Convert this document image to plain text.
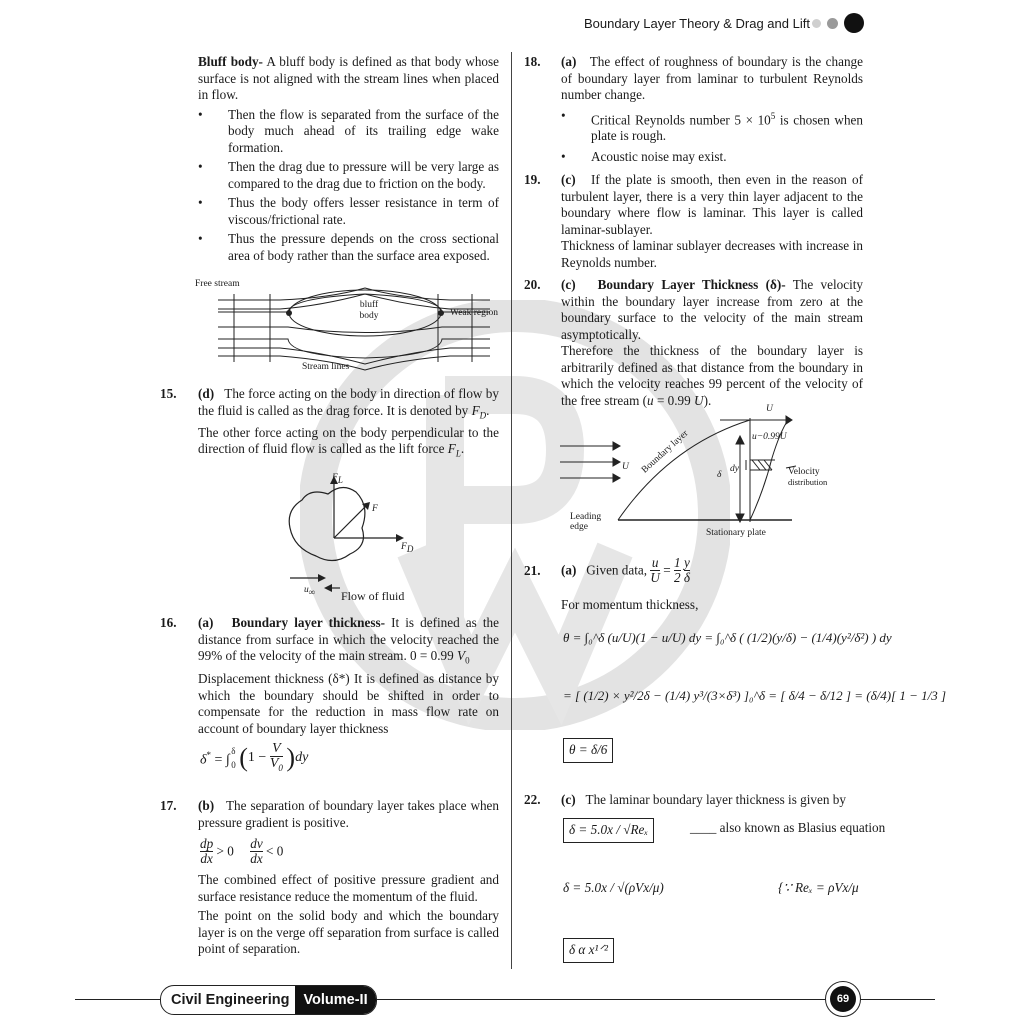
Boundary Layer Theory & Drag and Lift
Bluff body- A bluff body is defined as that body whose surface is not aligned with the stream lines when placed in flow.
• Then the flow is separated from the surface of the body much ahead of its trailing edge wake formation.
• Then the drag due to pressure will be very large as compared to the drag due to friction on the body.
• Thus the body offers lesser resistance in term of viscous/frictional rate.
• Thus the pressure depends on the cross sectional area of body rather than the surface area exposed.
Free stream
bluff
body	Weak region
Stream lines
15. (d) The force acting on the body in direction of flow by the fluid is called as the drag force. It is denoted by $F_D$.
The other force acting on the body perpendicular to the direction of fluid flow is called as the lift force $F_L$.
$F_L$
F
$F_D$
$u_\infty$ Flow of fluid
16. (a) Boundary layer thickness- It is defined as the distance from surface in which the velocity reached the 99% of the velocity of the main stream. 0 = 0.99 $V_0$
Displacement thickness (δ*) It is defined as distance by which the boundary should be shifted in order to compensate for the reduction in mass flow rate on account of boundary layer thickness
δ* = ∫
δ
0 $(1 - \frac{V}{V_0} )dy$
17. (b) The separation of boundary layer takes place when pressure gradient is positive.
$\frac{dp}{dx} > 0 \frac{dv}{dx} < 0$
The combined effect of positive pressure gradient and surface resistance reduce the momentum of the fluid.
The point on the solid body and which the boundary layer is on the verge off separation from surface is called point of separation.
18. (a) The effect of roughness of boundary is the change of boundary layer from laminar to turbulent Reynolds number change.
• Critical Reynolds number $5 \times 10^5$ is chosen when plate is rough.
• Acoustic noise may exist.
19. (c) If the plate is smooth, then even in the reason of turbulent layer, there is a very thin layer adjacent to the boundary where flow is laminar. This layer is called laminar-sublayer.
Thickness of laminar sublayer decreases with increase in Reynolds number.
20. (c) Boundary Layer Thickness (δ)- The velocity within the boundary layer increase from zero at the boundary surface to the velocity of the main stream asymptotically.
Therefore the thickness of the boundary layer is arbitrarily defined as that distance from the boundary in which the velocity reaches 99 percent of the velocity of the free stream (u = 0.99 U).
U
u−0.99U
U Boundary layer	δ
dy	Velocity
distribution
Leading
edge
Stationary plate
21. (a) Given data, $\frac{u}{U} = \frac{1}{2}$
$\frac{y}{\delta}$
For momentum thickness,
θ = ∫₀^δ (u/U)(1 − u/U) dy = ∫₀^δ ( (1/2)(y/δ) − (1/4)(y²/δ²) ) dy
= [ (1/2) × y²/2δ − (1/4) y³/(3×δ³) ]₀^δ = [ δ/4 − δ/12 ] = (δ/4)[ 1 − 1/3 ]
θ = δ/6
22. (c) The laminar boundary layer thickness is given by
δ = 5.0x / √Reₓ	____ also known as Blasius equation
δ = 5.0x / √(ρVx/μ)	{∵ Reₓ = ρVx/μ
δ α x¹ᐟ²
Civil Engineering Volume-II	69
